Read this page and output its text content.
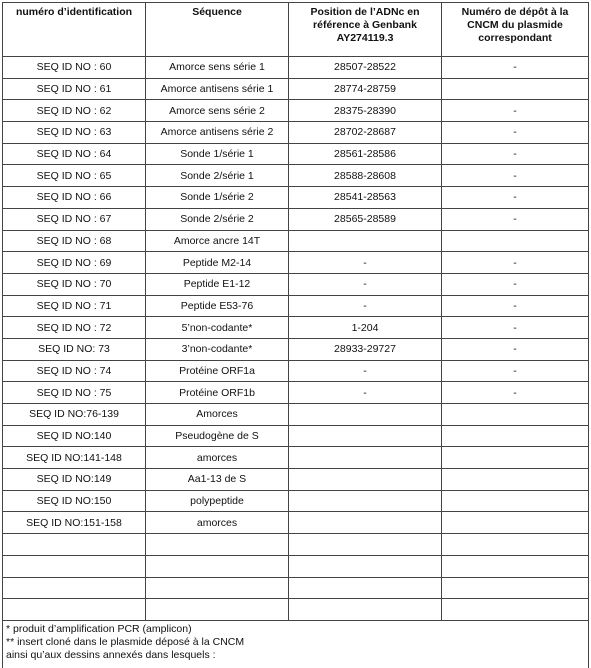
numéro d’identification	Séquence	Position de l’ADNc en référence à Genbank AY274119.3	Numéro de dépôt à la CNCM du plasmide correspondant
SEQ ID NO : 60	Amorce sens série 1	28507-28522	-
SEQ ID NO : 61	Amorce antisens série 1	28774-28759	
SEQ ID NO : 62	Amorce sens série 2	28375-28390	-
SEQ ID NO : 63	Amorce antisens série 2	28702-28687	-
SEQ ID NO : 64	Sonde 1/série 1	28561-28586	-
SEQ ID NO : 65	Sonde 2/série 1	28588-28608	-
SEQ ID NO : 66	Sonde 1/série 2	28541-28563	-
SEQ ID NO : 67	Sonde 2/série 2	28565-28589	-
SEQ ID NO : 68	Amorce ancre 14T		
SEQ ID NO : 69	Peptide M2-14	-	-
SEQ ID NO : 70	Peptide E1-12	-	-
SEQ ID NO : 71	Peptide E53-76	-	-
SEQ ID NO : 72	5’non-codante*	1-204	-
SEQ ID NO: 73	3’non-codante*	28933-29727	-
SEQ ID NO : 74	Protéine ORF1a	-	-
SEQ ID NO : 75	Protéine ORF1b	-	-
SEQ ID NO:76-139	Amorces		
SEQ ID NO:140	Pseudogène de S		
SEQ ID NO:141-148	amorces		
SEQ ID NO:149	Aa1-13 de S		
SEQ ID NO:150	polypeptide		
SEQ ID NO:151-158	amorces		

* produit d’amplification PCR (amplicon)
** insert cloné dans le plasmide déposé à la CNCM
ainsi qu’aux dessins annexés dans lesquels :			
